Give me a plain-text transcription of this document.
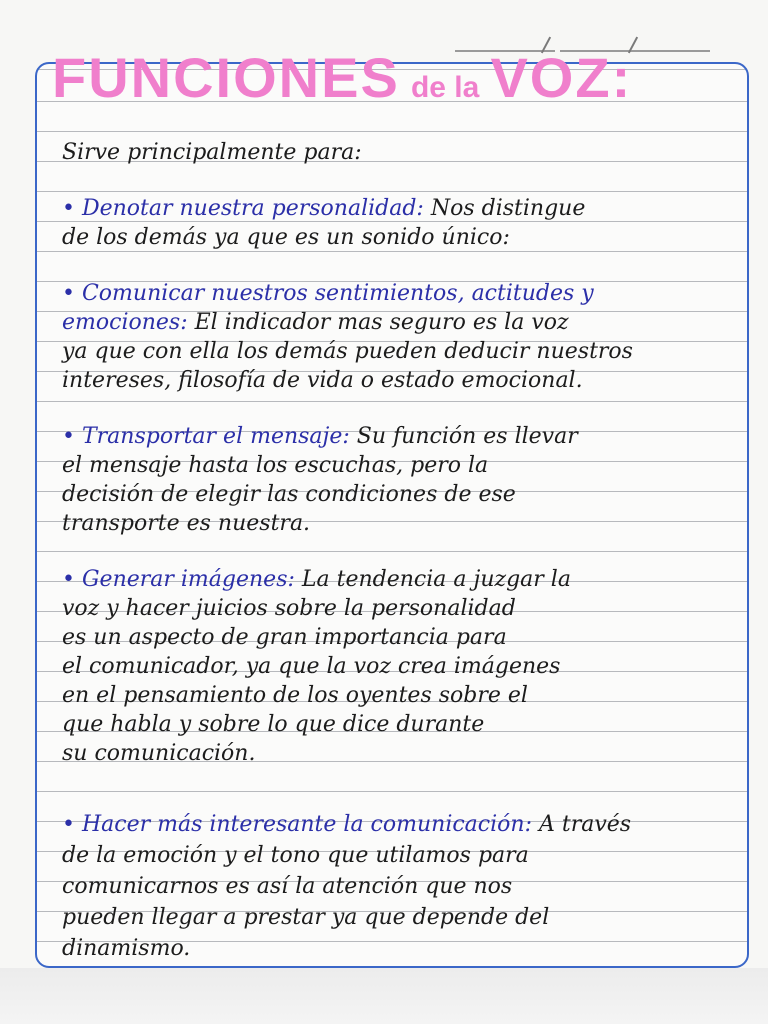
FUNCIONES de la VOZ:

Sirve principalmente para:

• Denotar nuestra personalidad: Nos distingue

de los demás ya que es un sonido único:

• Comunicar nuestros sentimientos, actitudes y

emociones: El indicador mas seguro es la voz

ya que con ella los demás pueden deducir nuestros

intereses, filosofía de vida o estado emocional.

• Transportar el mensaje: Su función es llevar

el mensaje hasta los escuchas, pero la

decisión de elegir las condiciones de ese

transporte es nuestra.

• Generar imágenes: La tendencia a juzgar la

voz y hacer juicios sobre la personalidad

es un aspecto de gran importancia para

el comunicador, ya que la voz crea imágenes

en el pensamiento de los oyentes sobre el

que habla y sobre lo que dice durante

su comunicación.

• Hacer más interesante la comunicación: A través

de la emoción y el tono que utilamos para

comunicarnos es así la atención que nos

pueden llegar a prestar ya que depende del

dinamismo.
